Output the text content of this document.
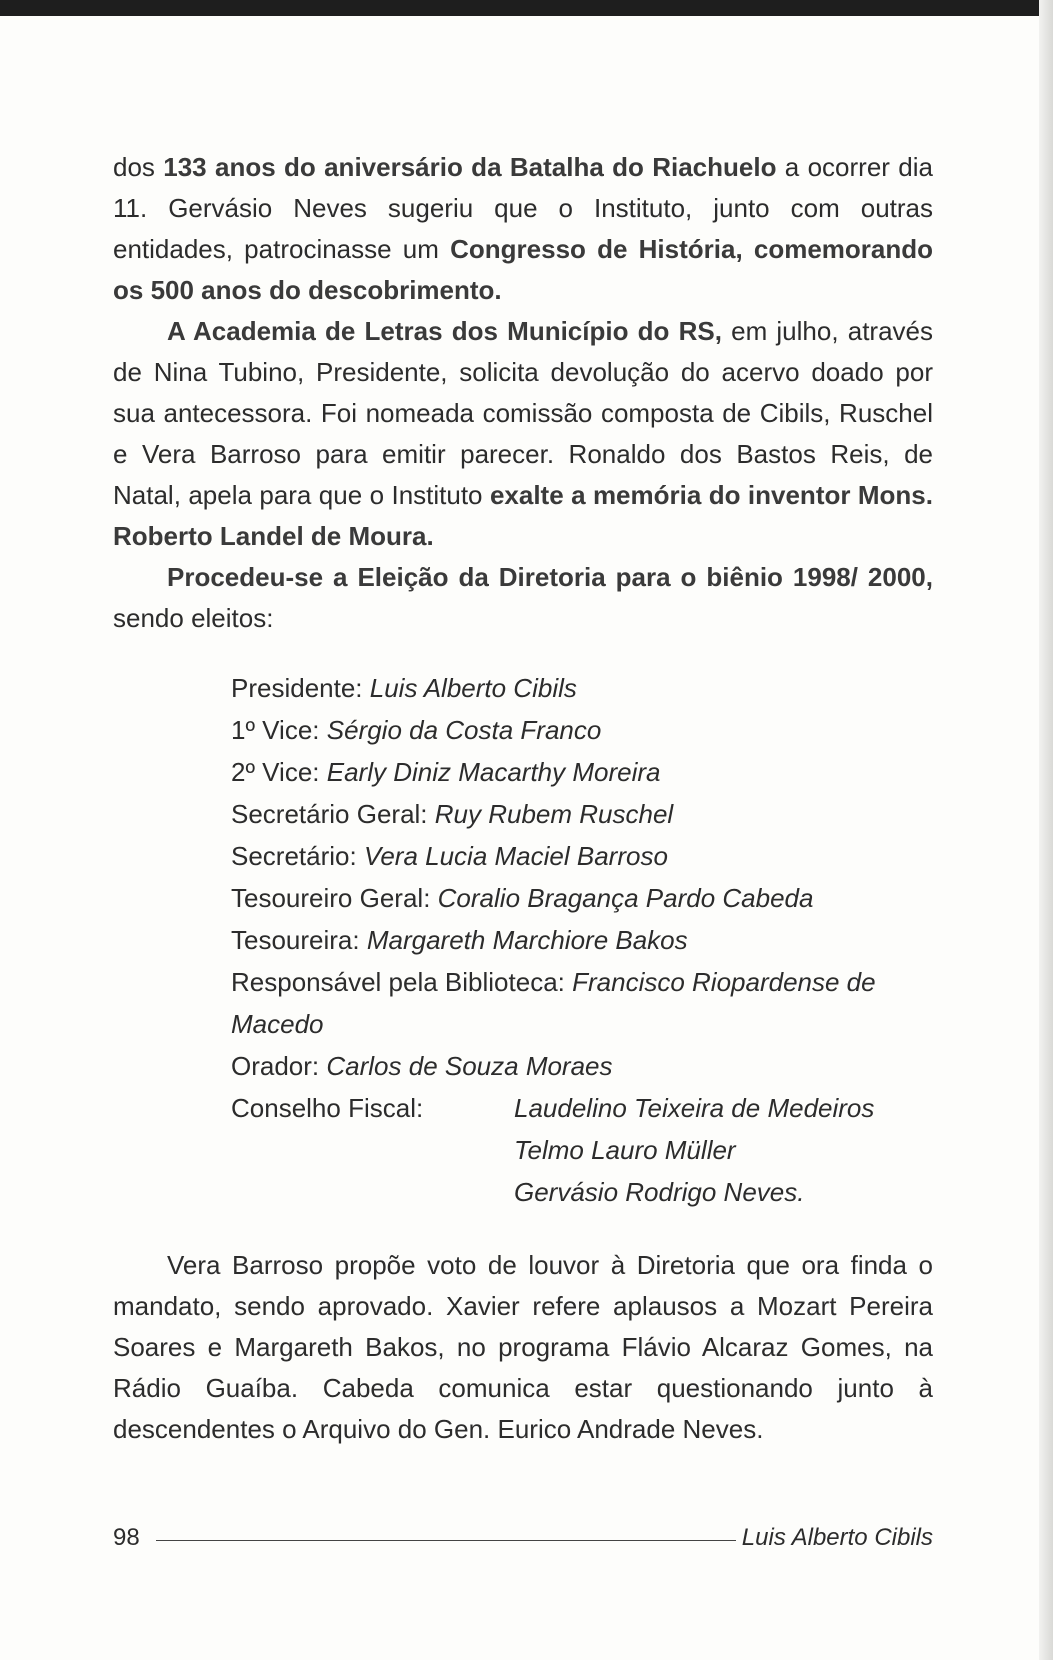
dos 133 anos do aniversário da Batalha do Riachuelo a ocorrer dia 11. Gervásio Neves sugeriu que o Instituto, junto com outras entidades, patrocinasse um Congresso de História, comemorando os 500 anos do descobrimento.

A Academia de Letras dos Município do RS, em julho, através de Nina Tubino, Presidente, solicita devolução do acervo doado por sua antecessora. Foi nomeada comissão composta de Cibils, Ruschel e Vera Barroso para emitir parecer. Ronaldo dos Bastos Reis, de Natal, apela para que o Instituto exalte a memória do inventor Mons. Roberto Landel de Moura.

Procedeu-se a Eleição da Diretoria para o biênio 1998/ 2000, sendo eleitos:

Presidente: Luis Alberto Cibils
1º Vice: Sérgio da Costa Franco
2º Vice: Early Diniz Macarthy Moreira
Secretário Geral: Ruy Rubem Ruschel
Secretário: Vera Lucia Maciel Barroso
Tesoureiro Geral: Coralio Bragança Pardo Cabeda
Tesoureira: Margareth Marchiore Bakos
Responsável pela Biblioteca: Francisco Riopardense de Macedo
Orador: Carlos de Souza Moraes
Conselho Fiscal:	Laudelino Teixeira de Medeiros
Telmo Lauro Müller
Gervásio Rodrigo Neves.

Vera Barroso propõe voto de louvor à Diretoria que ora finda o mandato, sendo aprovado. Xavier refere aplausos a Mozart Pereira Soares e Margareth Bakos, no programa Flávio Alcaraz Gomes, na Rádio Guaíba. Cabeda comunica estar questionando junto à descendentes o Arquivo do Gen. Eurico Andrade Neves.

98	Luis Alberto Cibils
